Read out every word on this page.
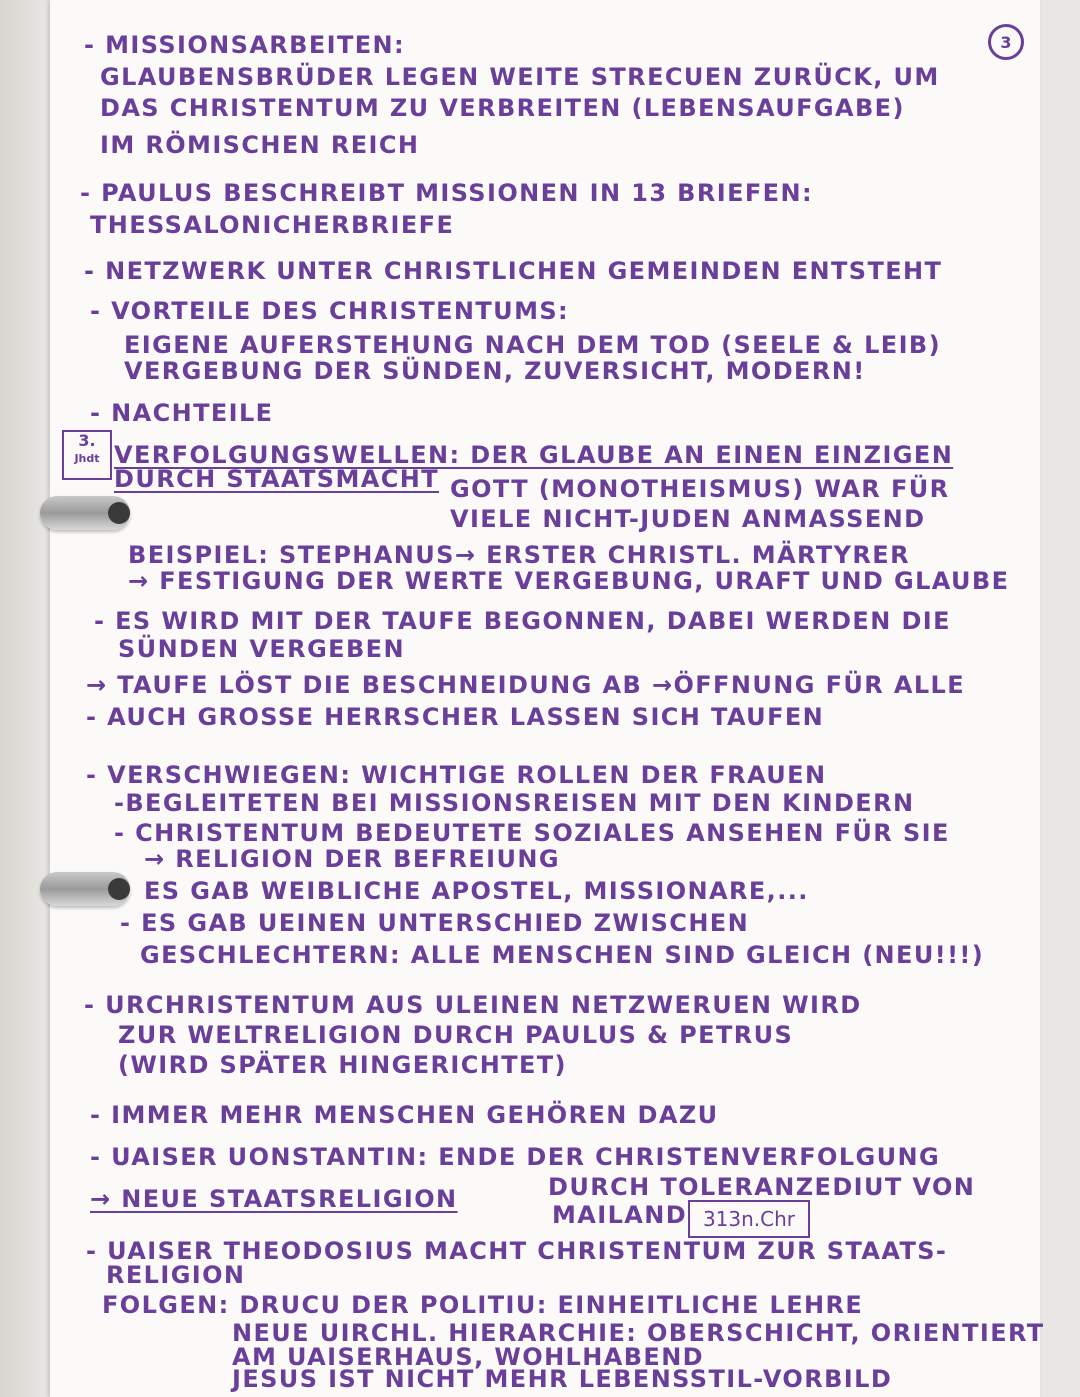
3
3.
Jhdt
313n.Chr
- MISSIONSARBEITEN:
GLAUBENSBRÜDER LEGEN WEITE STRECUEN ZURÜCK, UM
DAS CHRISTENTUM ZU VERBREITEN (LEBENSAUFGABE)
IM RÖMISCHEN REICH
- PAULUS BESCHREIBT MISSIONEN IN 13 BRIEFEN:
THESSALONICHERBRIEFE
- NETZWERK UNTER CHRISTLICHEN GEMEINDEN ENTSTEHT
- VORTEILE DES CHRISTENTUMS:
EIGENE AUFERSTEHUNG NACH DEM TOD (SEELE & LEIB)
VERGEBUNG DER SÜNDEN, ZUVERSICHT, MODERN!
- NACHTEILE
VERFOLGUNGSWELLEN: DER GLAUBE AN EINEN EINZIGEN
DURCH STAATSMACHT GOTT (MONOTHEISMUS) WAR FÜR
VIELE NICHT-JUDEN ANMASSEND
BEISPIEL: STEPHANUS→ ERSTER CHRISTL. MÄRTYRER
→ FESTIGUNG DER WERTE VERGEBUNG, URAFT UND GLAUBE
- ES WIRD MIT DER TAUFE BEGONNEN, DABEI WERDEN DIE
SÜNDEN VERGEBEN
→ TAUFE LÖST DIE BESCHNEIDUNG AB →ÖFFNUNG FÜR ALLE
- AUCH GROSSE HERRSCHER LASSEN SICH TAUFEN
- VERSCHWIEGEN: WICHTIGE ROLLEN DER FRAUEN
-BEGLEITETEN BEI MISSIONSREISEN MIT DEN KINDERN
- CHRISTENTUM BEDEUTETE SOZIALES ANSEHEN FÜR SIE
→ RELIGION DER BEFREIUNG
ES GAB WEIBLICHE APOSTEL, MISSIONARE,...
- ES GAB UEINEN UNTERSCHIED ZWISCHEN
GESCHLECHTERN: ALLE MENSCHEN SIND GLEICH (NEU!!!)
- URCHRISTENTUM AUS ULEINEN NETZWERUEN WIRD
ZUR WELTRELIGION DURCH PAULUS & PETRUS
(WIRD SPÄTER HINGERICHTET)
- IMMER MEHR MENSCHEN GEHÖREN DAZU
- UAISER UONSTANTIN: ENDE DER CHRISTENVERFOLGUNG
DURCH TOLERANZEDIUT VON
→ NEUE STAATSRELIGION
MAILAND
- UAISER THEODOSIUS MACHT CHRISTENTUM ZUR STAATS-
RELIGION
FOLGEN: DRUCU DER POLITIU: EINHEITLICHE LEHRE
NEUE UIRCHL. HIERARCHIE: OBERSCHICHT, ORIENTIERT
AM UAISERHAUS, WOHLHABEND
JESUS IST NICHT MEHR LEBENSSTIL-VORBILD
